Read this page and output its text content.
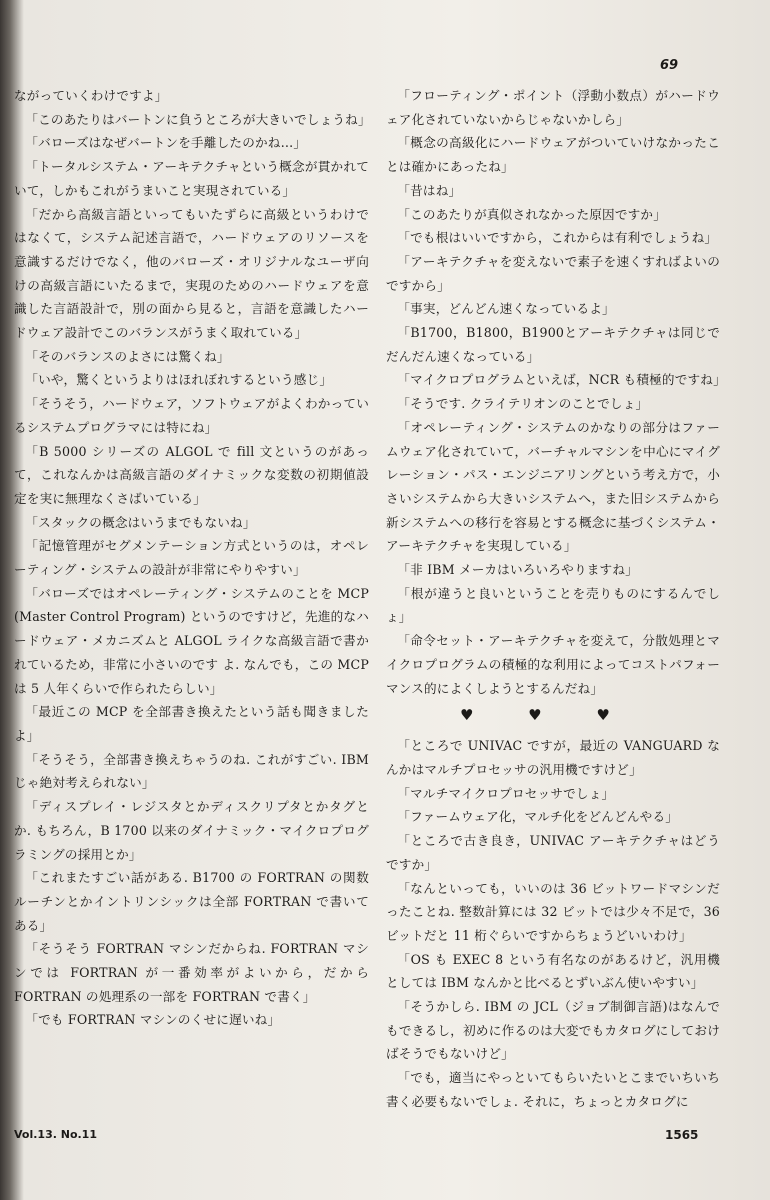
69

ながっていくわけですよ」

「このあたりはバートンに負うところが大きいでしょうね」

「バローズはなぜバートンを手離したのかね…」

「トータルシステム・アーキテクチャという概念が貫かれていて，しかもこれがうまいこと実現されている」

「だから高級言語といってもいたずらに高級というわけではなくて，システム記述言語で，ハードウェアのリソースを意識するだけでなく，他のバローズ・オリジナルなユーザ向けの高級言語にいたるまで，実現のためのハードウェアを意識した言語設計で，別の面から見ると，言語を意識したハードウェア設計でこのバランスがうまく取れている」

「そのバランスのよさには驚くね」

「いや，驚くというよりはほれぼれするという感じ」

「そうそう，ハードウェア，ソフトウェアがよくわかっているシステムプログラマには特にね」

「B 5000 シリーズの ALGOL で fill 文というのがあって，これなんかは高級言語のダイナミックな変数の初期値設定を実に無理なくさばいている」

「スタックの概念はいうまでもないね」

「記憶管理がセグメンテーション方式というのは，オペレーティング・システムの設計が非常にやりやすい」

「バローズではオペレーティング・システムのことを MCP (Master Control Program) というのですけど，先進的なハードウェア・メカニズムと ALGOL ライクな高級言語で書かれているため，非常に小さいのです よ. なんでも，この MCP は 5 人年くらいで作られたらしい」

「最近この MCP を全部書き換えたという話も聞きましたよ」

「そうそう，全部書き換えちゃうのね. これがすごい. IBM じゃ絶対考えられない」

「ディスプレイ・レジスタとかディスクリプタとかタグとか. もちろん，B 1700 以来のダイナミック・マイクロプログラミングの採用とか」

「これまたすごい話がある. B1700 の FORTRAN の関数ルーチンとかイントリンシックは全部 FORTRAN で書いてある」

「そうそう FORTRAN マシンだからね. FORTRAN マシンでは FORTRAN が一番効率がよいから，だから FORTRAN の処理系の一部を FORTRAN で書く」

「でも FORTRAN マシンのくせに遅いね」

「フローティング・ポイント（浮動小数点）がハードウェア化されていないからじゃないかしら」

「概念の高級化にハードウェアがついていけなかったことは確かにあったね」

「昔はね」

「このあたりが真似されなかった原因ですか」

「でも根はいいですから，これからは有利でしょうね」

「アーキテクチャを変えないで素子を速くすればよいのですから」

「事実，どんどん速くなっているよ」

「B1700，B1800，B1900とアーキテクチャは同じでだんだん速くなっている」

「マイクロプログラムといえば，NCR も積極的ですね」

「そうです. クライテリオンのことでしょ」

「オペレーティング・システムのかなりの部分はファームウェア化されていて，バーチャルマシンを中心にマイグレーション・パス・エンジニアリングという考え方で，小さいシステムから大きいシステムへ，また旧システムから新システムへの移行を容易とする概念に基づくシステム・アーキテクチャを実現している」

「非 IBM メーカはいろいろやりますね」

「根が違うと良いということを売りものにするんでしょ」

「命令セット・アーキテクチャを変えて，分散処理とマイクロプログラムの積極的な利用によってコストパフォーマンス的によくしようとするんだね」

♥	♥	♥

「ところで UNIVAC ですが，最近の VANGUARD なんかはマルチプロセッサの汎用機ですけど」

「マルチマイクロプロセッサでしょ」

「ファームウェア化，マルチ化をどんどんやる」

「ところで古き良き，UNIVAC アーキテクチャはどうですか」

「なんといっても，いいのは 36 ビットワードマシンだったことね. 整数計算には 32 ビットでは少々不足で，36 ビットだと 11 桁ぐらいですからちょうどいいわけ」

「OS も EXEC 8 という有名なのがあるけど，汎用機としては IBM なんかと比べるとずいぶん使いやすい」

「そうかしら. IBM の JCL（ジョブ制御言語)はなんでもできるし，初めに作るのは大変でもカタログにしておけばそうでもないけど」

「でも，適当にやっといてもらいたいとこまでいちいち書く必要もないでしょ. それに，ちょっとカタログに

Vol.13. No.11	1565
